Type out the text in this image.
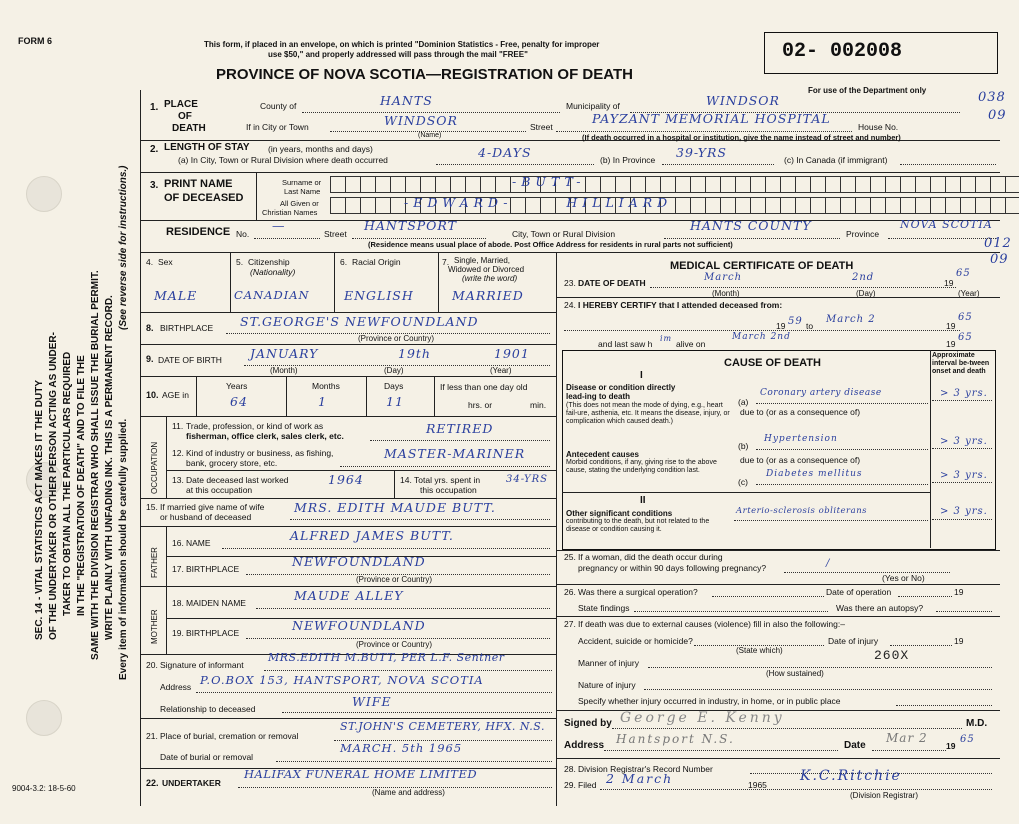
FORM 6
9004-3.2: 18-5-60
SEC. 14 - VITAL STATISTICS ACT MAKES IT THE DUTY OF THE UNDERTAKER OR OTHER PERSON ACTING AS UNDER- TAKER TO OBTAIN ALL THE PARTICULARS REQUIRED IN THE "REGISTRATION OF DEATH" AND TO FILE THE SAME WITH THE DIVISION REGISTRAR WHO SHALL ISSUE THE BURIAL PERMIT. WRITE PLAINLY WITH UNFADING INK. THIS IS A PERMANENT RECORD. Every item of information should be carefully supplied.
(See reverse side for instructions.)
This form, if placed in an envelope, on which is printed "Dominion Statistics - Free, penalty for improper
use $50," and properly addressed will pass through the mail "FREE"
PROVINCE OF NOVA SCOTIA—REGISTRATION OF DEATH
02- 002008
For use of the Department only	038
09
012
09
1. PLACE
OF
DEATH
County of	HANTS	Municipality of	WINDSOR
If in City or Town	WINDSOR
(Name)
Street
PAYZANT MEMORIAL HOSPITAL
House No.
(If death occurred in a hospital or institution, give the name instead of street and number)
2. LENGTH OF STAY (in years, months and days)
(a) In City, Town or Rural Division where death occurred	4-DAYS	(b) In Province 39-YRS	(c) In Canada (if immigrant)
3. PRINT NAME
OF DECEASED
Surname or
Last Name
All Given or
Christian Names
-BUTT-
-EDWARD-      HILLIARD
RESIDENCE No.
—
Street
HANTSPORT
City, Town or Rural Division
HANTS COUNTY
Province
NOVA SCOTIA
(Residence means usual place of abode. Post Office Address for residents in rural parts not sufficient)
4. Sex
MALE
5. Citizenship
(Nationality)
CANADIAN
6. Racial Origin
ENGLISH
7. Single, Married,
Widowed or Divorced
(write the word)
MARRIED
8. BIRTHPLACE ST.GEORGE'S NEWFOUNDLAND
(Province or Country)
9. DATE OF BIRTH JANUARY	19th	1901
(Month)	(Day)	(Year)
10. AGE in
Years
64
Months
1
Days
11
If less than one day old
hrs. or	min.
OCCUPATION
11. Trade, profession, or kind of work as
fisherman, office clerk, sales clerk, etc.	RETIRED
12. Kind of industry or business, as fishing,
bank, grocery store, etc.
MASTER-MARINER
13. Date deceased last worked
at this occupation
1964	14. Total yrs. spent in
this occupation
34-YRS
15. If married give name of wife
or husband of deceased
MRS. EDITH MAUDE BUTT.
FATHER
16. NAME	ALFRED JAMES BUTT.
17. BIRTHPLACE	NEWFOUNDLAND
(Province or Country)
MOTHER
18. MAIDEN NAME	MAUDE ALLEY
19. BIRTHPLACE	NEWFOUNDLAND
(Province or Country)
20. Signature of informant
MRS.EDITH M.BUTT, PER L.F. Sentner
Address P.O.BOX 153, HANTSPORT, NOVA SCOTIA
Relationship to deceased	WIFE
21. Place of burial, cremation or removal
ST.JOHN'S CEMETERY, HFX. N.S.
Date of burial or removal
MARCH. 5th 1965
22. UNDERTAKER
HALIFAX FUNERAL HOME LIMITED
(Name and address)
MEDICAL CERTIFICATE OF DEATH
23. DATE OF DEATH	March	2nd	19
65
(Month)	(Day)	(Year)
24. I HEREBY CERTIFY that I attended deceased from:
19 59 to
March 2
19
65
and last saw h
im
alive on
March 2nd
19
65
CAUSE OF DEATH
Approximate interval be-tween onset and death
I
Disease or condition directly lead-ing to death
(This does not mean the mode of dying, e.g., heart fail-ure, asthenia, etc. It means the disease, injury, or complication which caused death.)
(a)
Coronary artery disease	> 3 yrs.
due to (or as a consequence of)
Antecedent causes
Morbid conditions, if any, giving rise to the above cause, stating the underlying condition last.
(b)
Hypertension	> 3 yrs.
due to (or as a consequence of)
(c)
Diabetes mellitus	> 3 yrs.
II
Other significant conditions
contributing to the death, but not related to the disease or condition causing it.
Arterio-sclerosis obliterans	> 3 yrs.
25. If a woman, did the death occur during
pregnancy or within 90 days following pregnancy?	/
(Yes or No)
26. Was there a surgical operation?	Date of operation	19
State findings	Was there an autopsy?
27. If death was due to external causes (violence) fill in also the following:–
Accident, suicide or homicide?	Date of injury	19
(State which)	260X
Manner of injury
(How sustained)
Nature of injury
Specify whether injury occurred in industry, in home, or in public place
Signed by George E. Kenny	M.D.
Address Hantsport N.S.	Date
Mar 2
19
65
28. Division Registrar's Record Number
29. Filed 2 March	1965
K.C.Ritchie
(Division Registrar)
